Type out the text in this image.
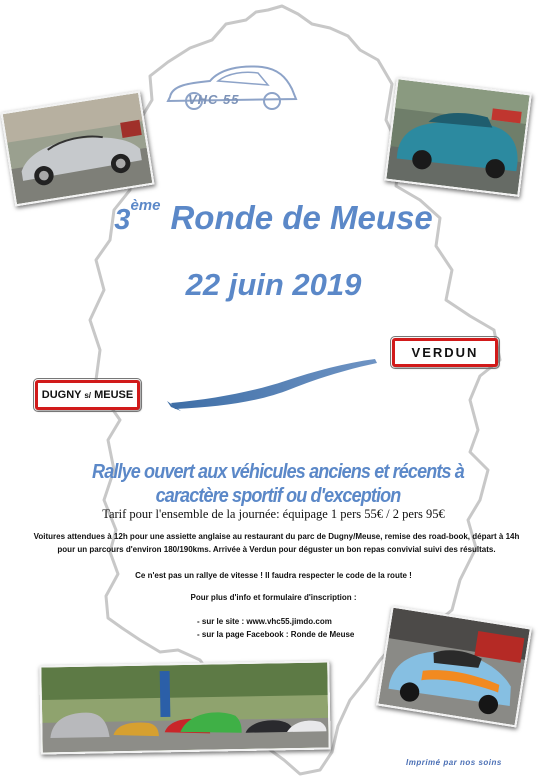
VHC 55
3ème Ronde de Meuse
22 juin 2019
VERDUN
DUGNY s/ MEUSE
Rallye ouvert aux véhicules anciens et récents à caractère sportif ou d'exception
Tarif pour l'ensemble de la journée: équipage 1 pers 55€ / 2 pers 95€
Voitures attendues à 12h pour une assiette anglaise au restaurant du parc de Dugny/Meuse, remise des road-book, départ à 14h
pour un parcours d'environ 180/190kms. Arrivée à Verdun pour déguster un bon repas convivial suivi des résultats.
Ce n'est pas un rallye de vitesse ! Il faudra respecter le code de la route !
Pour plus d'info et formulaire d'inscription :
- sur le site : www.vhc55.jimdo.com
- sur la page Facebook : Ronde de Meuse
Imprimé par nos soins
